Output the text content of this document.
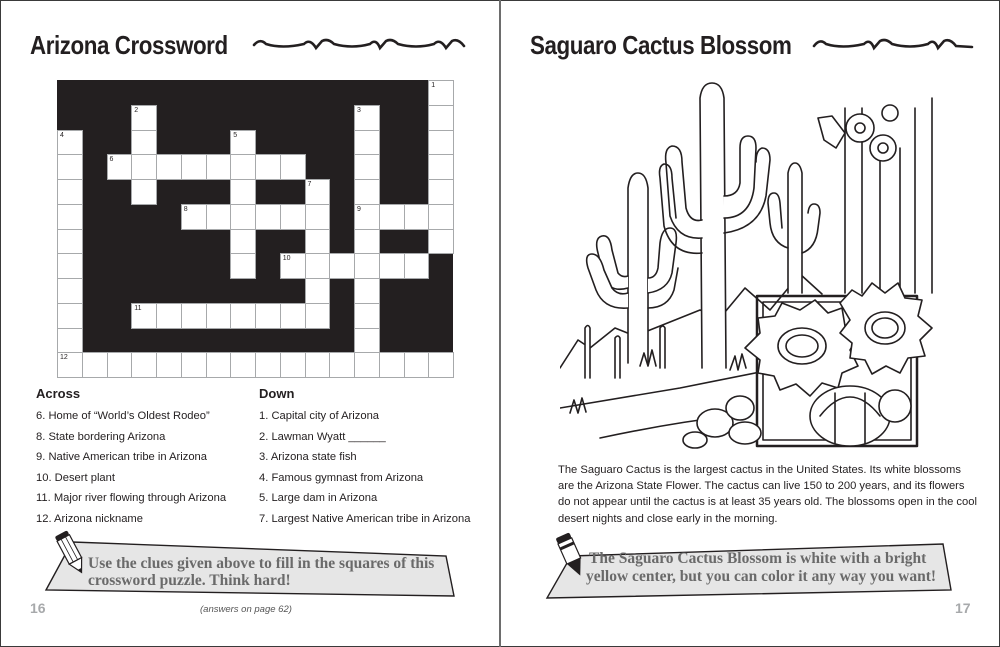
Arizona Crossword
1
2	3
9
4	5
6
7
8
10
11
12
Across
6. Home of “World’s Oldest Rodeo”
8. State bordering Arizona
9. Native American tribe in Arizona
10. Desert plant
11. Major river flowing through Arizona
12. Arizona nickname
Down
1. Capital city of Arizona
2. Lawman Wyatt ______
3. Arizona state fish
4. Famous gymnast from Arizona
5. Large dam in Arizona
7. Largest Native American tribe in Arizona
Use the clues given above to fill in the squares of this
crossword puzzle. Think hard!
16	(answers on page 62)
Saguaro Cactus Blossom
The Saguaro Cactus is the largest cactus in the United States. Its white blossoms are the Arizona State Flower. The cactus can live 150 to 200 years, and its flowers do not appear until the cactus is at least 35 years old. The blossoms open in the cool desert nights and close early in the morning.
The Saguaro Cactus Blossom is white with a bright
yellow center, but you can color it any way you want!
17
